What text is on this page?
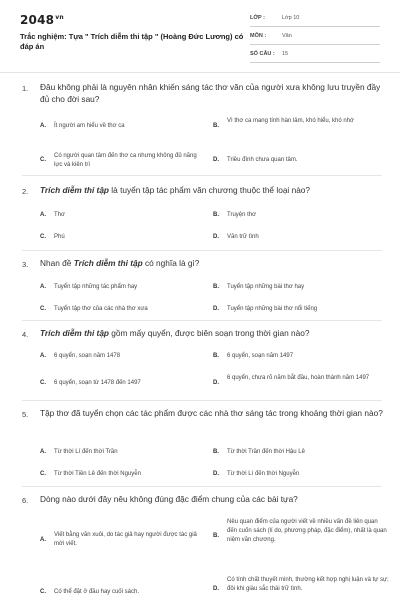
$2048^{vn}$
Trắc nghiệm: Tựa " Trích diễm thi tập " (Hoàng Đức Lương) có đáp án
LỚP :	Lớp 10
MÔN :	Văn
SỐ CÂU : 15
1. Đâu không phải là nguyên nhân khiến sáng tác thơ văn của người xưa không lưu truyền đầy đủ cho đời sau?
A. Ít người am hiểu về thơ ca	B.
Vì thơ ca mang tính hàn lâm, khó hiểu, khó nhớ
C.
Có người quan tâm đến thơ ca nhưng không đủ năng lực và kiên trì
D. Triều đình chưa quan tâm.
2. Trích diễm thi tập là tuyển tập tác phẩm văn chương thuộc thể loại nào?
A. Thơ	B. Truyện thơ
C. Phú	D. Văn trữ tình
3. Nhan đề Trích diễm thi tập có nghĩa là gì?
A. Tuyển tập những tác phẩm hay	B. Tuyển tập những bài thơ hay
C. Tuyển tập thơ của các nhà thơ xưa	D. Tuyển tập những bài thơ nổi tiếng
4. Trích diễm thi tập gồm mấy quyển, được biên soạn trong thời gian nào?
A. 6 quyển, soạn năm 1478	B. 6 quyển, soạn năm 1497
C. 6 quyển, soạn từ 1478 đến 1497	D.
6 quyển, chưa rõ năm bắt đầu, hoàn thành năm 1497
5. Tập thơ đã tuyển chọn các tác phẩm được các nhà thơ sáng tác trong khoảng thời gian nào?
A. Từ thời Lí đến thời Trần	B. Từ thời Trần đến thời Hậu Lê
C. Từ thời Tiền Lê đến thời Nguyễn	D. Từ thời Lí đến thời Nguyễn
6. Dòng nào dưới đây nêu không đúng đặc điểm chung của các bài tựa?
A.
Viết bằng văn xuôi, do tác giả hay người được tác giả mời viết.
B.
Nêu quan điểm của người viết về nhiều vấn đề liên quan đến cuốn sách (lí do, phương pháp, đặc điểm), nhất là quan niệm văn chương.
C. Có thể đặt ở đầu hay cuối sách.	D.
Có tính chất thuyết minh, thường kết hợp nghị luận và tự sự; đôi khi giàu sắc thái trữ tình.
